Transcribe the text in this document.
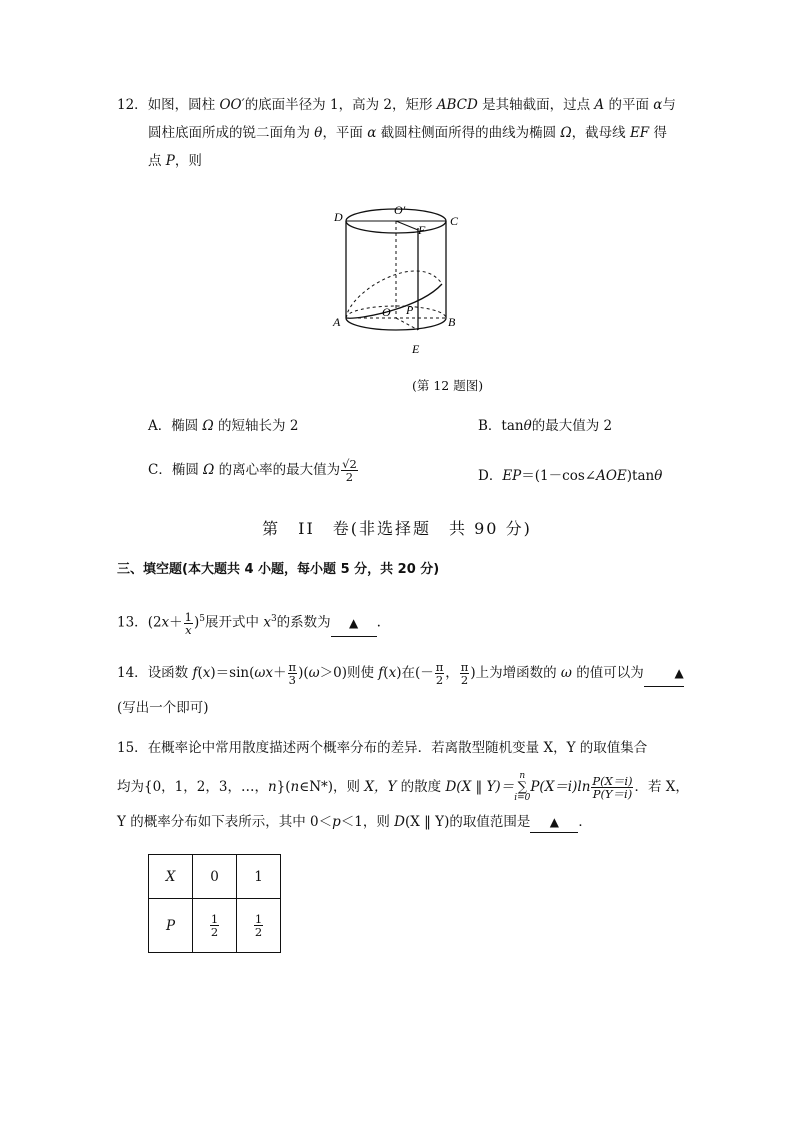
12．如图，圆柱 OO′的底面半径为 1，高为 2，矩形 ABCD 是其轴截面，过点 A 的平面 α与
圆柱底面所成的锐二面角为 θ，平面 α 截圆柱侧面所得的曲线为椭圆 Ω，截母线 EF 得
点 P，则
D	O′
C
F
A
O P
B
E
(第 12 题图)
A．椭圆 Ω 的短轴长为 2	B．tanθ的最大值为 2
C．椭圆 Ω 的离心率的最大值为 $\frac{√2}{2}$	D．EP＝(1－cos∠AOE)tanθ
第　II　卷(非选择题　共 90 分)
三、填空题(本大题共 4 小题，每小题 5 分，共 20 分)
13．$(2x+ \frac{1}{x} )^5$展开式中 $x^3$的系数为 ▲ .
14．设函数 $f(x)=\sin(\omega x+ \frac{\pi}{3} )(\omega>0)$则使 f(x)在(－ $\frac{\pi}{2}$ ， $\frac{\pi}{2}$ )上为增函数的 ω 的值可以为	▲
(写出一个即可)
15．在概率论中常用散度描述两个概率分布的差异．若离散型随机变量 X，Y 的取值集合
均为{0，1，2，3，…，n}(n∈N*)，则 X，Y 的散度 D(X ‖ Y)＝
n
∑
i=0
$P(X=i)\ln \frac{P(X=i)}{P(Y=i)}$ ．若 X，
Y 的概率分布如下表所示，其中 0＜p＜1，则 D(X ‖ Y)的取值范围是 ▲ ．
X	0	1
P	$\frac{1}{2}$	$\frac{1}{2}$
